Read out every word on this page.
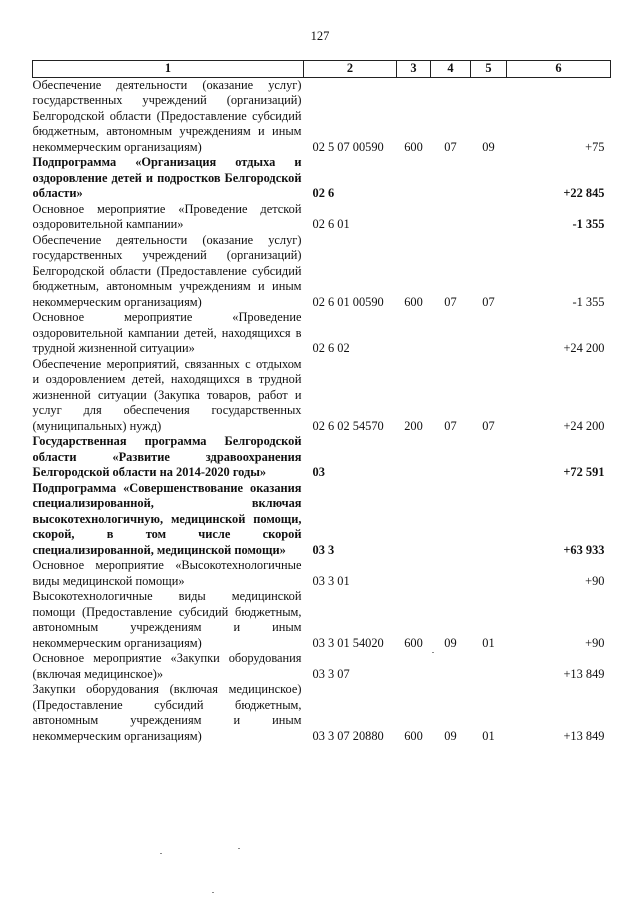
127
1	2	3	4	5	6
Обеспечение деятельности (оказание услуг) государственных учреждений (организаций) Белгородской области (Предоставление субсидий бюджетным, автономным учреждениям и иным некоммерческим организациям)	02 5 07 00590	600	07	09	+75
Подпрограмма «Организация отдыха и оздоровление детей и подростков Белгородской области»	02 6				+22 845
Основное мероприятие «Проведение детской оздоровительной кампании»	02 6 01				-1 355
Обеспечение деятельности (оказание услуг) государственных учреждений (организаций) Белгородской области (Предоставление субсидий бюджетным, автономным учреждениям и иным некоммерческим организациям)	02 6 01 00590	600	07	07	-1 355
Основное мероприятие «Проведение оздоровительной кампании детей, находящихся в трудной жизненной ситуации»	02 6 02				+24 200
Обеспечение мероприятий, связанных с отдыхом и оздоровлением детей, находящихся в трудной жизненной ситуации (Закупка товаров, работ и услуг для обеспечения государственных (муниципальных) нужд)	02 6 02 54570	200	07	07	+24 200
Государственная программа Белгородской области «Развитие здравоохранения Белгородской области на 2014-2020 годы»	03				+72 591
Подпрограмма «Совершенствование оказания специализированной, включая высокотехнологичную, медицинской помощи, скорой, в том числе скорой специализированной, медицинской помощи»	03 3				+63 933
Основное мероприятие «Высокотехнологичные виды медицинской помощи»	03 3 01				+90
Высокотехнологичные виды медицинской помощи (Предоставление субсидий бюджетным, автономным учреждениям и иным некоммерческим организациям)	03 3 01 54020	600	09	01	+90
Основное мероприятие «Закупки оборудования (включая медицинское)»	03 3 07				+13 849
Закупки оборудования (включая медицинское) (Предоставление субсидий бюджетным, автономным учреждениям и иным некоммерческим организациям)	03 3 07 20880	600	09	01	+13 849
